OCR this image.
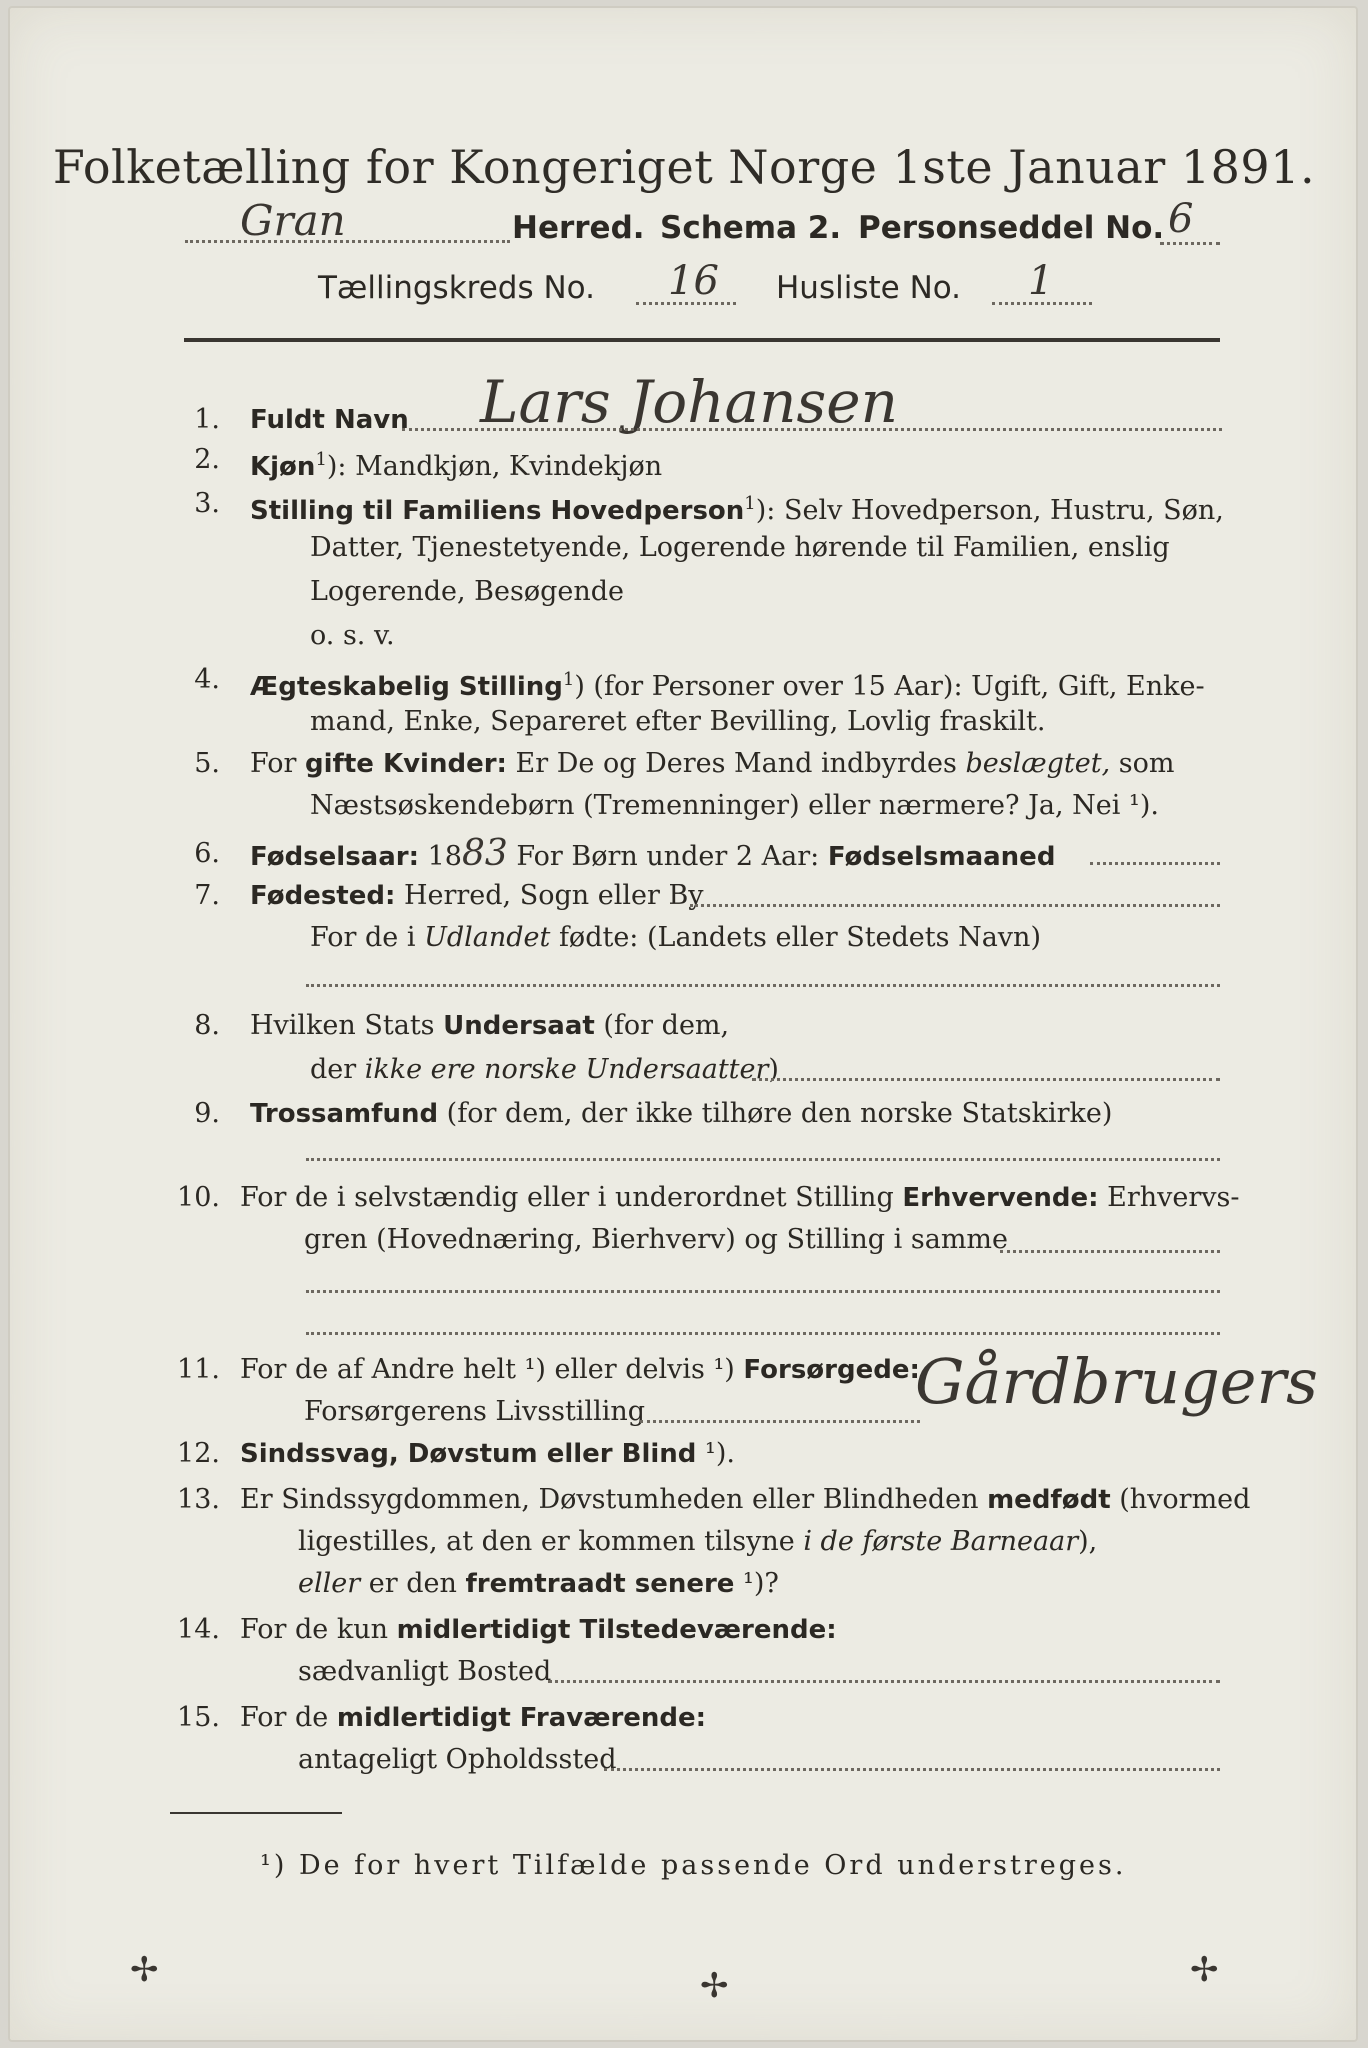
Folketælling for Kongeriget Norge 1ste Januar 1891.
Gran	Herred. Schema 2. Personseddel No. 6
Tællingskreds No. 16 Husliste No. 1
1. Fuldt Navn Lars Johansen
2. Kjøn$^1$): Mandkjøn, Kvindekjøn
3. Stilling til Familiens Hovedperson$^1$): Selv Hovedperson, Hustru, Søn,
Datter, Tjenestetyende, Logerende hørende til Familien, enslig
Logerende, Besøgende
o. s. v.
4. Ægteskabelig Stilling$^1$) (for Personer over 15 Aar): Ugift, Gift, Enke-
mand, Enke, Separeret efter Bevilling, Lovlig fraskilt.
5. For gifte Kvinder: Er De og Deres Mand indbyrdes beslægtet, som
Næstsøskendebørn (Tremenninger) eller nærmere? Ja, Nei ¹).
6. Fødselsaar: 1883 For Børn under 2 Aar: Fødselsmaaned
7. Fødested: Herred, Sogn eller By
For de i Udlandet fødte: (Landets eller Stedets Navn)
8. Hvilken Stats Undersaat (for dem,
der ikke ere norske Undersaatter)
9. Trossamfund (for dem, der ikke tilhøre den norske Statskirke)
10. For de i selvstændig eller i underordnet Stilling Erhvervende: Erhvervs-
gren (Hovednæring, Bierhverv) og Stilling i samme
11. For de af Andre helt ¹) eller delvis ¹) Forsørgede:
Forsørgerens Livsstilling	Gårdbrugers
12. Sindssvag, Døvstum eller Blind ¹).
13. Er Sindssygdommen, Døvstumheden eller Blindheden medfødt (hvormed
ligestilles, at den er kommen tilsyne i de første Barneaar),
eller er den fremtraadt senere ¹)?
14. For de kun midlertidigt Tilstedeværende:
sædvanligt Bosted
15. For de midlertidigt Fraværende:
antageligt Opholdssted
¹) De for hvert Tilfælde passende Ord understreges.
✢	✢	✢
